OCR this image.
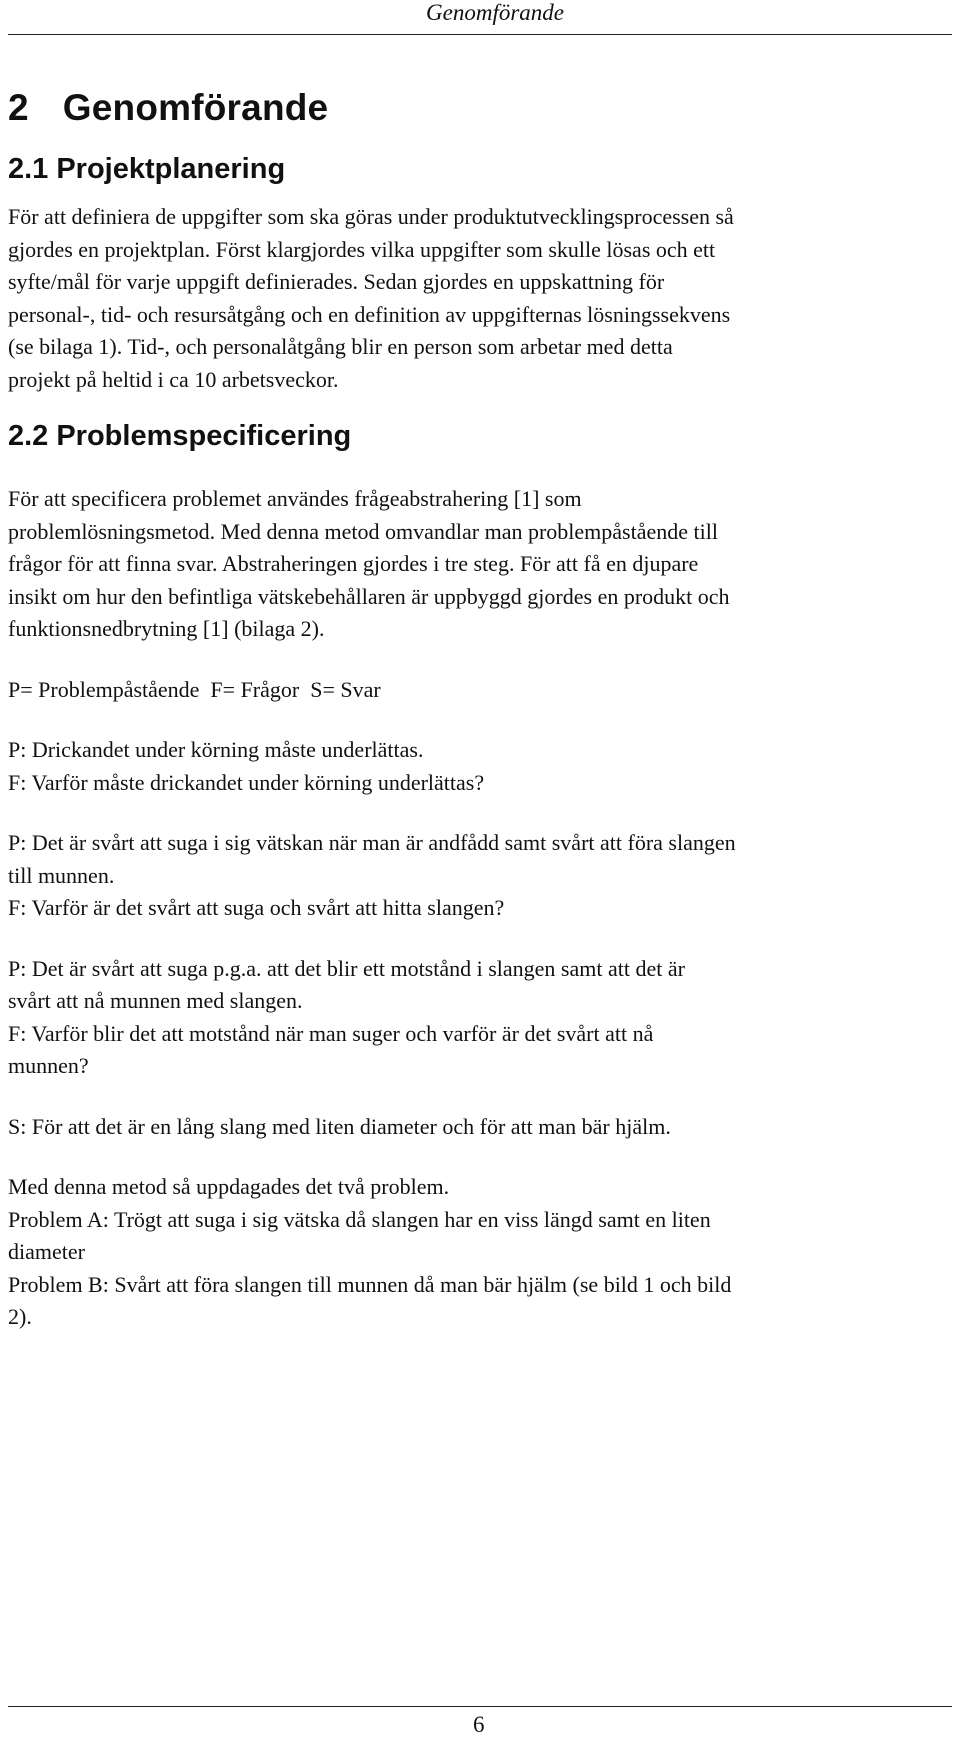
Genomförande
2 Genomförande
2.1 Projektplanering

För att definiera de uppgifter som ska göras under produktutvecklingsprocessen så

gjordes en projektplan. Först klargjordes vilka uppgifter som skulle lösas och ett

syfte/mål för varje uppgift definierades. Sedan gjordes en uppskattning för

personal-, tid- och resursåtgång och en definition av uppgifternas lösningssekvens

(se bilaga 1). Tid-, och personalåtgång blir en person som arbetar med detta

projekt på heltid i ca 10 arbetsveckor.

2.2 Problemspecificering

För att specificera problemet användes frågeabstrahering [1] som

problemlösningsmetod. Med denna metod omvandlar man problempåstående till

frågor för att finna svar. Abstraheringen gjordes i tre steg. För att få en djupare

insikt om hur den befintliga vätskebehållaren är uppbyggd gjordes en produkt och

funktionsnedbrytning [1] (bilaga 2).

P= Problempåstående  F= Frågor  S= Svar

P: Drickandet under körning måste underlättas.

F: Varför måste drickandet under körning underlättas?

P: Det är svårt att suga i sig vätskan när man är andfådd samt svårt att föra slangen

till munnen.

F: Varför är det svårt att suga och svårt att hitta slangen?

P: Det är svårt att suga p.g.a. att det blir ett motstånd i slangen samt att det är

svårt att nå munnen med slangen.

F: Varför blir det att motstånd när man suger och varför är det svårt att nå

munnen?

S: För att det är en lång slang med liten diameter och för att man bär hjälm.

Med denna metod så uppdagades det två problem.

Problem A: Trögt att suga i sig vätska då slangen har en viss längd samt en liten

diameter

Problem B: Svårt att föra slangen till munnen då man bär hjälm (se bild 1 och bild

2).

6
